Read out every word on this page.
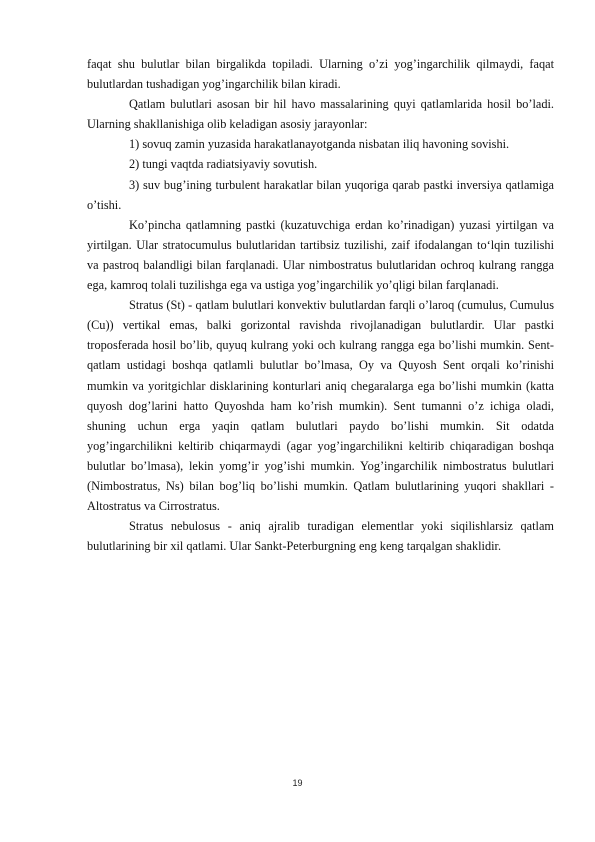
faqat shu bulutlar bilan birgalikda topiladi. Ularning o’zi yog’ingarchilik qilmaydi, faqat bulutlardan tushadigan yog’ingarchilik bilan kiradi.

Qatlam bulutlari asosan bir hil havo massalarining quyi qatlamlarida hosil bo’ladi. Ularning shakllanishiga olib keladigan asosiy jarayonlar:

1) sovuq zamin yuzasida harakatlanayotganda nisbatan iliq havoning sovishi.

2) tungi vaqtda radiatsiyaviy sovutish.

3) suv bug’ining turbulent harakatlar bilan yuqoriga qarab pastki inversiya qatlamiga o’tishi.

Ko’pincha qatlamning pastki (kuzatuvchiga erdan ko’rinadigan) yuzasi yirtilgan va yirtilgan. Ular stratocumulus bulutlaridan tartibsiz tuzilishi, zaif ifodalangan to‘lqin tuzilishi va pastroq balandligi bilan farqlanadi. Ular nimbostratus bulutlaridan ochroq kulrang rangga ega, kamroq tolali tuzilishga ega va ustiga yog’ingarchilik yo’qligi bilan farqlanadi.

Stratus (St) - qatlam bulutlari konvektiv bulutlardan farqli o’laroq (cumulus, Cumulus (Cu)) vertikal emas, balki gorizontal ravishda rivojlanadigan bulutlardir. Ular pastki troposferada hosil bo’lib, quyuq kulrang yoki och kulrang rangga ega bo’lishi mumkin. Sent-qatlam ustidagi boshqa qatlamli bulutlar bo’lmasa, Oy va Quyosh Sent orqali ko’rinishi mumkin va yoritgichlar disklarining konturlari aniq chegaralarga ega bo’lishi mumkin (katta quyosh dog’larini hatto Quyoshda ham ko’rish mumkin). Sent tumanni o’z ichiga oladi, shuning uchun erga yaqin qatlam bulutlari paydo bo’lishi mumkin. Sit odatda yog’ingarchilikni keltirib chiqarmaydi (agar yog’ingarchilikni keltirib chiqaradigan boshqa bulutlar bo’lmasa), lekin yomg’ir yog’ishi mumkin. Yog’ingarchilik nimbostratus bulutlari (Nimbostratus, Ns) bilan bog’liq bo’lishi mumkin. Qatlam bulutlarining yuqori shakllari - Altostratus va Cirrostratus.

Stratus nebulosus - aniq ajralib turadigan elementlar yoki siqilishlarsiz qatlam bulutlarining bir xil qatlami. Ular Sankt-Peterburgning eng keng tarqalgan shaklidir.

19
